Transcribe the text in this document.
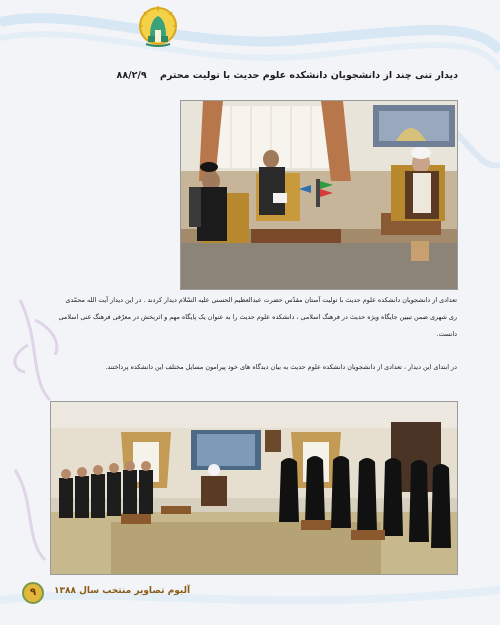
دیدار تنی چند از دانشجویان دانشکده علوم حدیث با تولیت محترم ۸۸/۲/۹
تعدادی از دانشجویان دانشکده علوم حدیث با تولیت آستان مقدّس حضرت عبدالعظیم الحسنی علیه السّلام دیدار کردند . در این دیدار آیت الله محمّدی ری شهری ضمن تبیین جایگاه ویژه حدیث در فرهنگ اسلامی ، دانشکده علوم حدیث را به عنوان یک پایگاه مهم و اثربخش در معرّفی فرهنگ غنی اسلامی دانست.
در ابتدای این دیدار ، تعدادی از دانشجویان دانشکده علوم حدیث به بیان دیدگاه های خود پیرامون مسایل مختلف این دانشکده پرداختند.
۹	آلبوم تصاویر منتخب سال ۱۳۸۸
